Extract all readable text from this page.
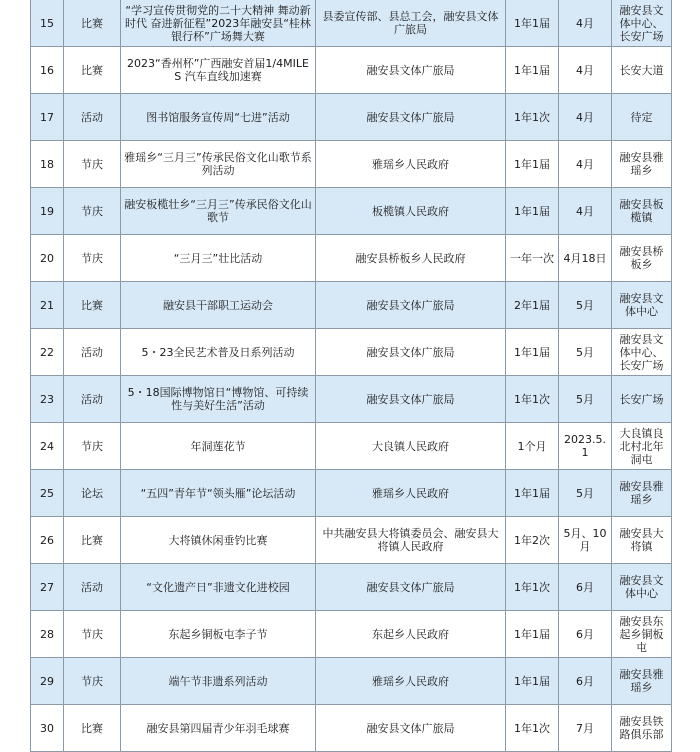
15	比赛	“学习宣传贯彻党的二十大精神 舞动新时代 奋进新征程”2023年融安县“桂林银行杯”广场舞大赛	县委宣传部、县总工会，融安县文体广旅局	1年1届	4月	融安县文体中心、长安广场
16	比赛	2023“香州杯”广西融安首届1/4MILES 汽车直线加速赛	融安县文体广旅局	1年1届	4月	长安大道
17	活动	图书馆服务宣传周“七进”活动	融安县文体广旅局	1年1次	4月	待定
18	节庆	雅瑶乡“三月三”传承民俗文化山歌节系列活动	雅瑶乡人民政府	1年1届	4月	融安县雅瑶乡
19	节庆	融安板榄壮乡“三月三”传承民俗文化山歌节	板榄镇人民政府	1年1届	4月	融安县板榄镇
20	节庆	“三月三”壮比活动	融安县桥板乡人民政府	一年一次	4月18日	融安县桥板乡
21	比赛	融安县干部职工运动会	融安县文体广旅局	2年1届	5月	融安县文体中心
22	活动	5・23全民艺术普及日系列活动	融安县文体广旅局	1年1届	5月	融安县文体中心、长安广场
23	活动	5・18国际博物馆日“博物馆、可持续性与美好生活”活动	融安县文体广旅局	1年1次	5月	长安广场
24	节庆	年洞莲花节	大良镇人民政府	1个月	2023.5.1	大良镇良北村北年洞屯
25	论坛	“五四”青年节“领头雁”论坛活动	雅瑶乡人民政府	1年1届	5月	融安县雅瑶乡
26	比赛	大将镇休闲垂钓比赛	中共融安县大将镇委员会、融安县大将镇人民政府	1年2次	5月、10月	融安县大将镇
27	活动	“文化遗产日”非遗文化进校园	融安县文体广旅局	1年1次	6月	融安县文体中心
28	节庆	东起乡铜板屯李子节	东起乡人民政府	1年1届	6月	融安县东起乡铜板屯
29	节庆	端午节非遗系列活动	雅瑶乡人民政府	1年1届	6月	融安县雅瑶乡
30	比赛	融安县第四届青少年羽毛球赛	融安县文体广旅局	1年1次	7月	融安县铁路俱乐部
